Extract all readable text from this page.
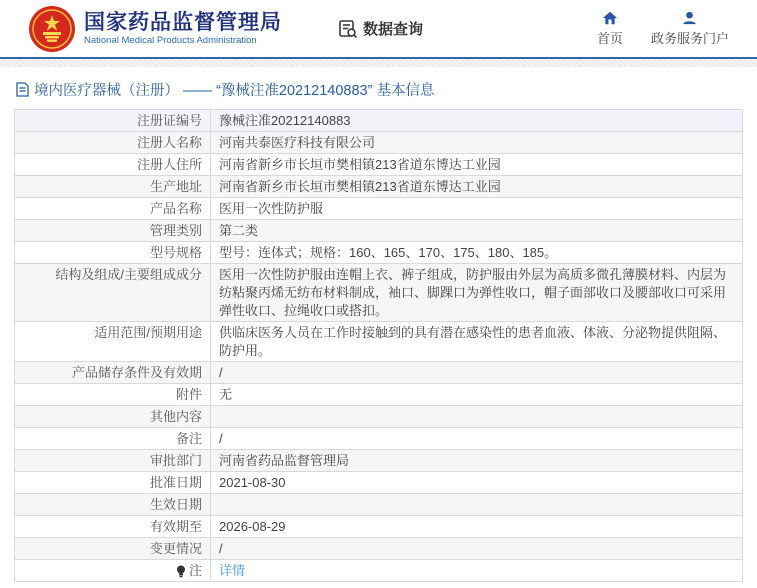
国家药品监督管理局
National Medical Products Administration
数据查询	首页 政务服务门户
境内医疗器械（注册） —— “豫械注准20212140883” 基本信息
注册证编号	豫械注准20212140883
注册人名称	河南共泰医疗科技有限公司
注册人住所	河南省新乡市长垣市樊相镇213省道东博达工业园
生产地址	河南省新乡市长垣市樊相镇213省道东博达工业园
产品名称	医用一次性防护服
管理类别	第二类
型号规格	型号：连体式；规格：160、165、170、175、180、185。
结构及组成/主要组成成分	医用一次性防护服由连帽上衣、裤子组成，防护服由外层为高质多微孔薄膜材料、内层为纺粘聚丙烯无纺布材料制成，袖口、脚踝口为弹性收口，帽子面部收口及腰部收口可采用弹性收口、拉绳收口或搭扣。
适用范围/预期用途	供临床医务人员在工作时接触到的具有潜在感染性的患者血液、体液、分泌物提供阻隔、防护用。
产品储存条件及有效期	/
附件	无
其他内容
备注	/
审批部门	河南省药品监督管理局
批准日期	2021-08-30
生效日期
有效期至	2026-08-29
变更情况	/
注	详情
